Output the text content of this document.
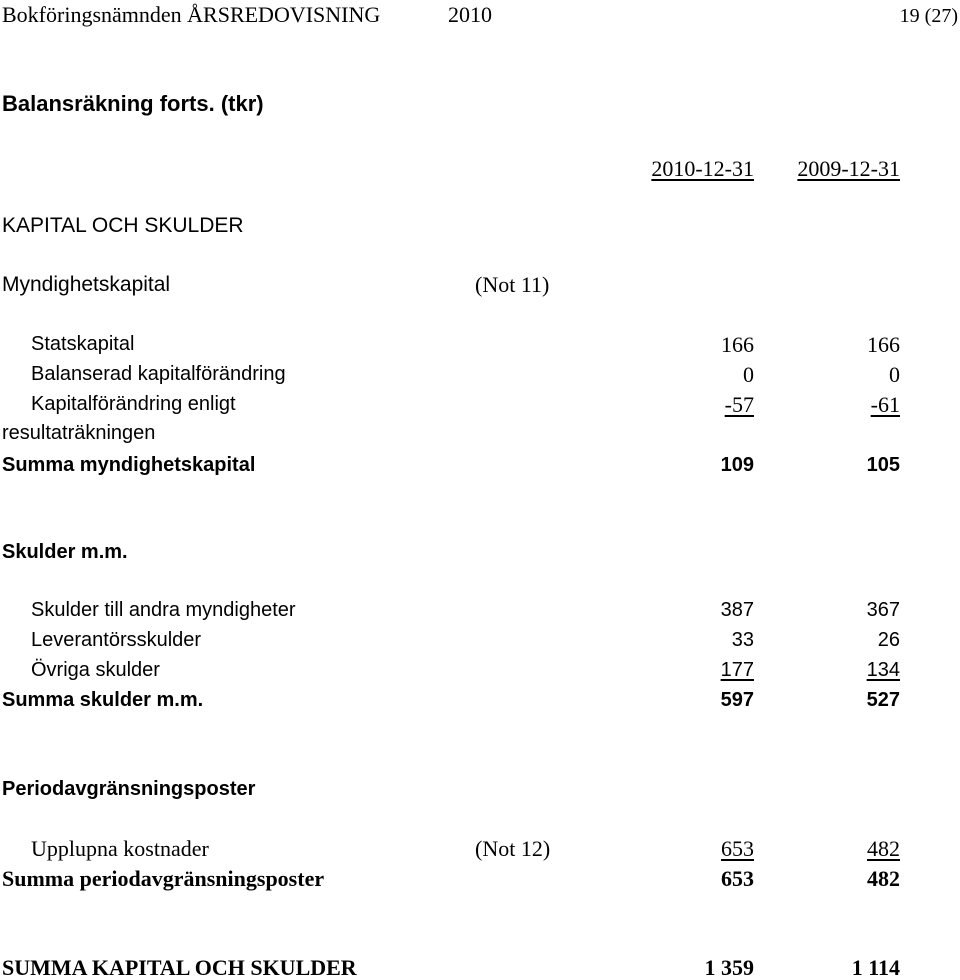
Bokföringsnämnden ÅRSREDOVISNING	2010	19 (27)
Balansräkning forts. (tkr)
2010-12-31 2009-12-31
KAPITAL OCH SKULDER
Myndighetskapital	(Not 11)
Statskapital	166	166
Balanserad kapitalförändring	0	0
Kapitalförändring enligt
resultaträkningen
-57	-61
Summa myndighetskapital	109	105
Skulder m.m.
Skulder till andra myndigheter	387	367
Leverantörsskulder	33	26
Övriga skulder	177	134
Summa skulder m.m.	597	527
Periodavgränsningsposter
Upplupna kostnader	(Not 12)	653	482
Summa periodavgränsningsposter	653	482
SUMMA KAPITAL OCH SKULDER	1 359	1 114
